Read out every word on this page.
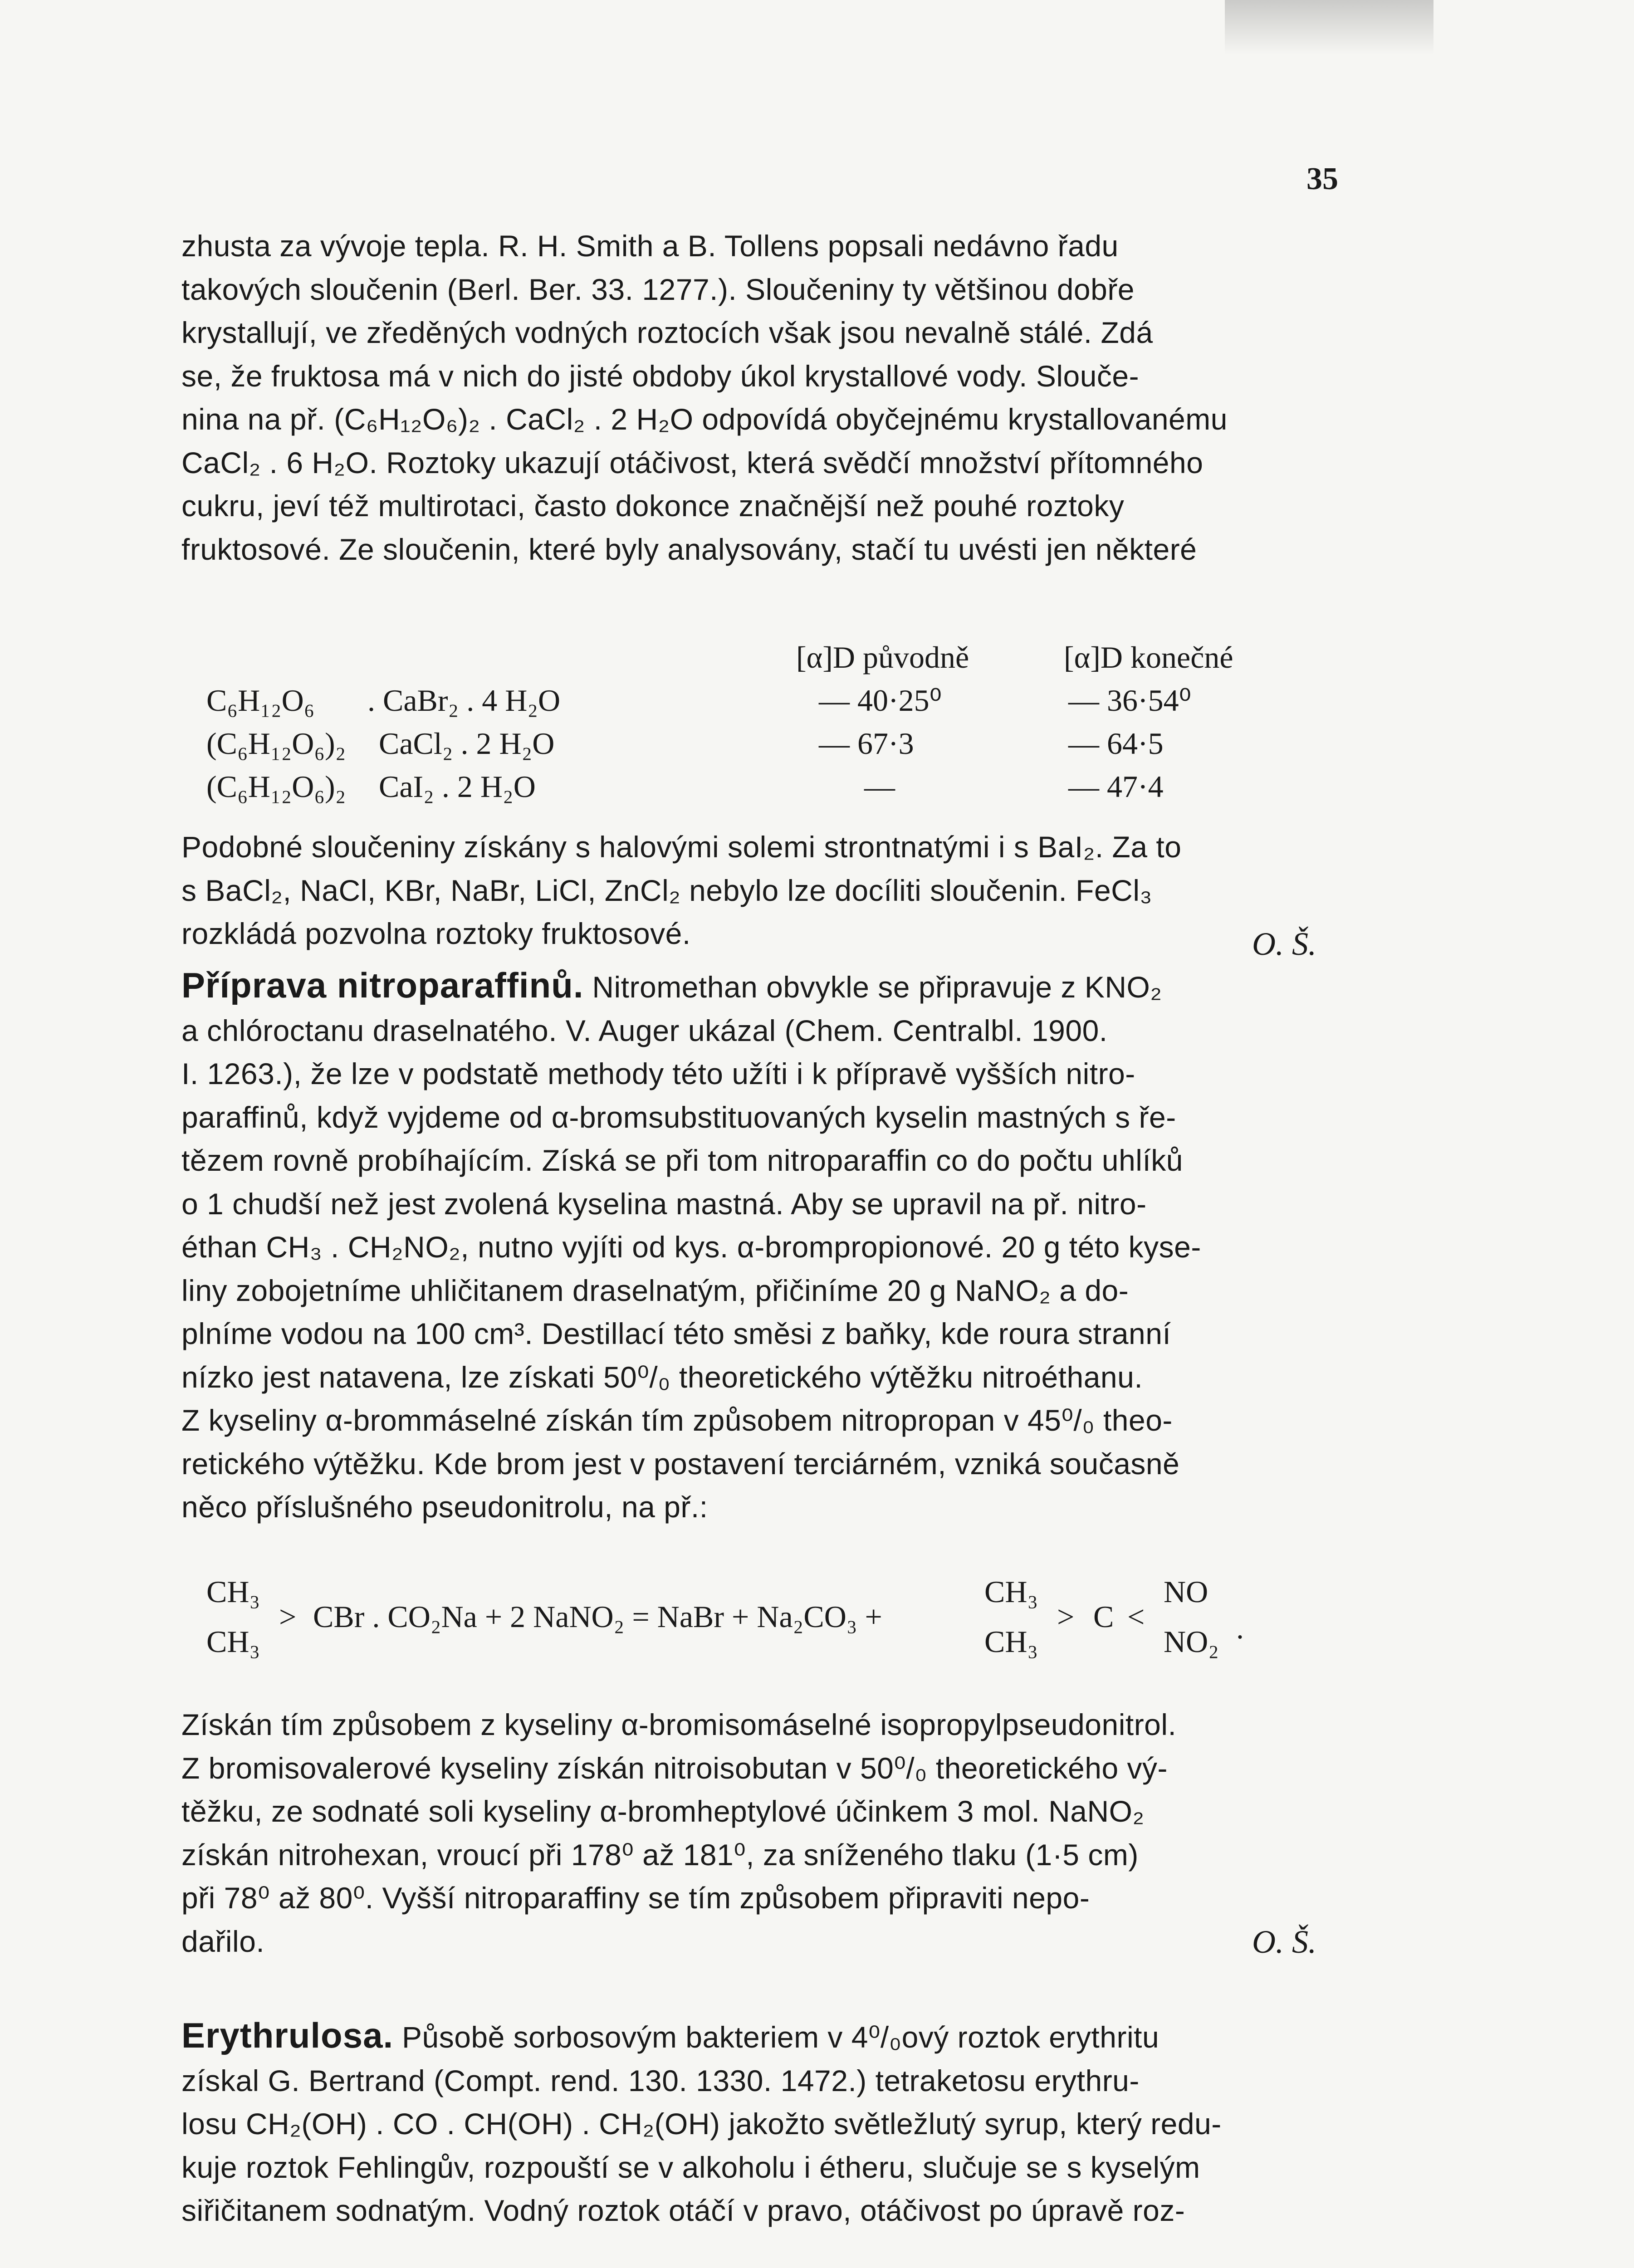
35
zhusta za vývoje tepla. R. H. Smith a B. Tollens popsali nedávno řadu
takových sloučenin (Berl. Ber. 33. 1277.). Sloučeniny ty většinou dobře
krystallují, ve zředěných vodných roztocích však jsou nevalně stálé. Zdá
se, že fruktosa má v nich do jisté obdoby úkol krystallové vody. Slouče-
nina na př. (C₆H₁₂O₆)₂ . CaCl₂ . 2 H₂O odpovídá obyčejnému krystallovanému
CaCl₂ . 6 H₂O. Roztoky ukazují otáčivost, která svědčí množství přítomného
cukru, jeví též multirotaci, často dokonce značnější než pouhé roztoky
fruktosové. Ze sloučenin, které byly analysovány, stačí tu uvésti jen některé
[α]D původně	[α]D konečné
C₆H₁₂O₆ . CaBr₂ . 4 H₂O	— 40·25⁰	— 36·54⁰
(C₆H₁₂O₆)₂ CaCl₂ . 2 H₂O	— 67·3	— 64·5
(C₆H₁₂O₆)₂ CaI₂ . 2 H₂O	—	— 47·4
Podobné sloučeniny získány s halovými solemi strontnatými i s BaI₂. Za to
s BaCl₂, NaCl, KBr, NaBr, LiCl, ZnCl₂ nebylo lze docíliti sloučenin. FeCl₃
rozkládá pozvolna roztoky fruktosové.	O. Š.
Příprava nitroparaffinů. Nitromethan obvykle se připravuje z KNO₂
a chlóroctanu draselnatého. V. Auger ukázal (Chem. Centralbl. 1900.
I. 1263.), že lze v podstatě methody této užíti i k přípravě vyšších nitro-
paraffinů, když vyjdeme od α-bromsubstituovaných kyselin mastných s ře-
tězem rovně probíhajícím. Získá se při tom nitroparaffin co do počtu uhlíků
o 1 chudší než jest zvolená kyselina mastná. Aby se upravil na př. nitro-
éthan CH₃ . CH₂NO₂, nutno vyjíti od kys. α-brompropionové. 20 g této kyse-
liny zobojetníme uhličitanem draselnatým, přičiníme 20 g NaNO₂ a do-
plníme vodou na 100 cm³. Destillací této směsi z baňky, kde roura stranní
nízko jest natavena, lze získati 50⁰/₀ theoretického výtěžku nitroéthanu.
Z kyseliny α-brommáselné získán tím způsobem nitropropan v 45⁰/₀ theo-
retického výtěžku. Kde brom jest v postavení terciárném, vzniká současně
něco příslušného pseudonitrolu, na př.:
CH₃
CH₃
> CBr . CO₂Na + 2 NaNO₂ = NaBr + Na₂CO₃ +
CH₃
CH₃
> C <
NO
NO₂ .
Získán tím způsobem z kyseliny α-bromisomáselné isopropylpseudonitrol.
Z bromisovalerové kyseliny získán nitroisobutan v 50⁰/₀ theoretického vý-
těžku, ze sodnaté soli kyseliny α-bromheptylové účinkem 3 mol. NaNO₂
získán nitrohexan, vroucí při 178⁰ až 181⁰, za sníženého tlaku (1·5 cm)
při 78⁰ až 80⁰. Vyšší nitroparaffiny se tím způsobem připraviti nepo-
dařilo.	O. Š.
Erythrulosa. Působě sorbosovým bakteriem v 4⁰/₀ový roztok erythritu
získal G. Bertrand (Compt. rend. 130. 1330. 1472.) tetraketosu erythru-
losu CH₂(OH) . CO . CH(OH) . CH₂(OH) jakožto světležlutý syrup, který redu-
kuje roztok Fehlingův, rozpouští se v alkoholu i étheru, slučuje se s kyselým
siřičitanem sodnatým. Vodný roztok otáčí v pravo, otáčivost po úpravě roz-
